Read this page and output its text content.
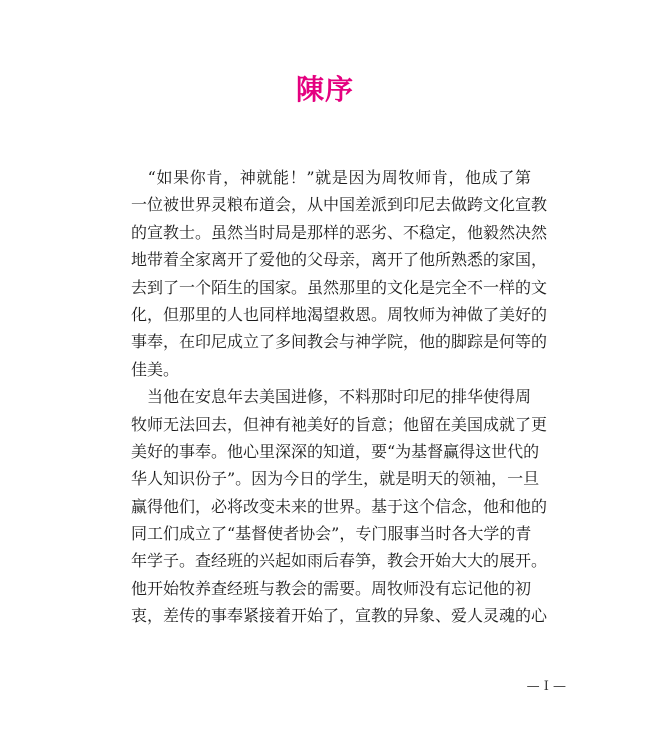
陳序
　“如果你肯，神就能！”就是因为周牧师肯，他成了第
一位被世界灵粮布道会，从中国差派到印尼去做跨文化宣教
的宣教士。虽然当时局是那样的恶劣、不稳定，他毅然决然
地带着全家离开了爱他的父母亲，离开了他所熟悉的家国，
去到了一个陌生的国家。虽然那里的文化是完全不一样的文
化，但那里的人也同样地渴望救恩。周牧师为神做了美好的
事奉，在印尼成立了多间教会与神学院，他的脚踪是何等的
佳美。
　当他在安息年去美国进修，不料那时印尼的排华使得周
牧师无法回去，但神有祂美好的旨意；他留在美国成就了更
美好的事奉。他心里深深的知道，要“为基督赢得这世代的
华人知识份子”。因为今日的学生，就是明天的领袖，一旦
赢得他们，必将改变未来的世界。基于这个信念，他和他的
同工们成立了“基督使者协会”，专门服事当时各大学的青
年学子。查经班的兴起如雨后春笋，教会开始大大的展开。
他开始牧养查经班与教会的需要。周牧师没有忘记他的初
衷，差传的事奉紧接着开始了，宣教的异象、爱人灵魂的心
— I —
